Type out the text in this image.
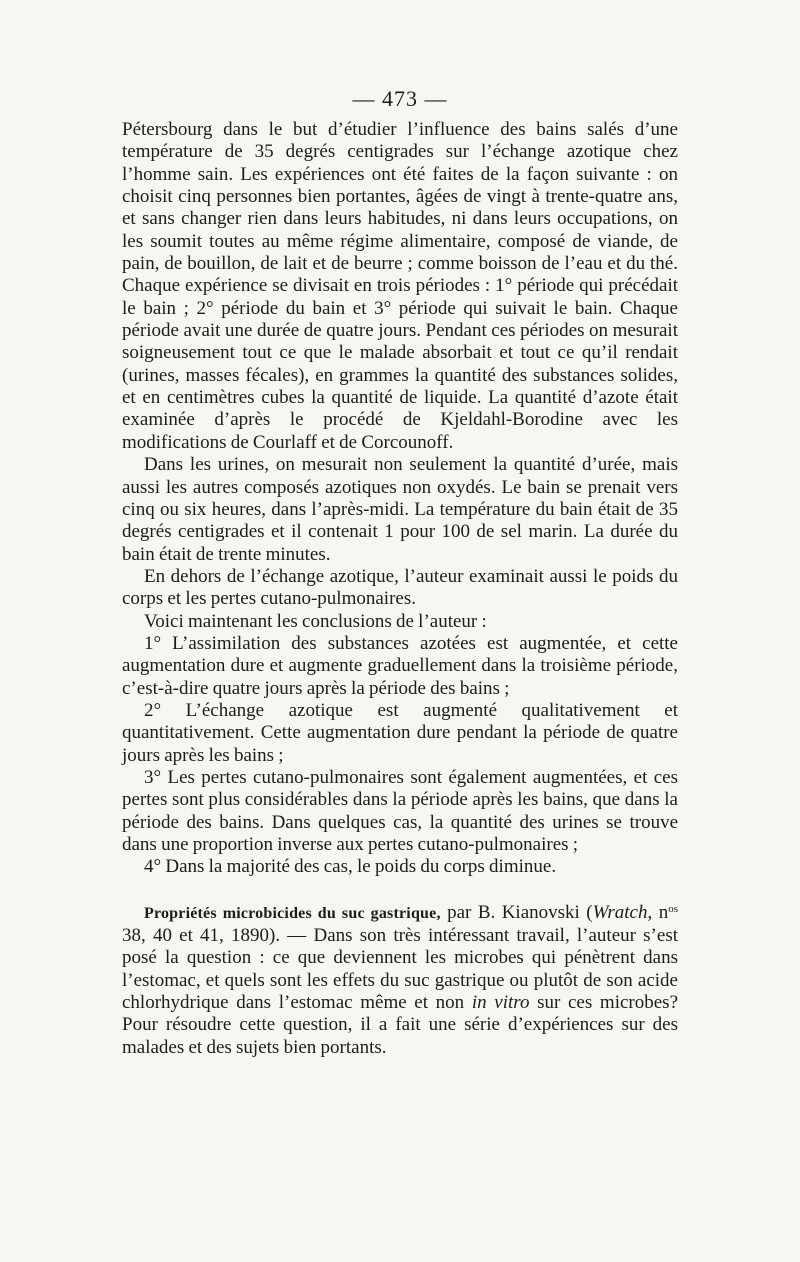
— 473 —

Pétersbourg dans le but d’étudier l’influence des bains salés d’une température de 35 degrés centigrades sur l’échange azotique chez l’homme sain. Les expériences ont été faites de la façon suivante : on choisit cinq personnes bien portantes, âgées de vingt à trente-quatre ans, et sans changer rien dans leurs habitudes, ni dans leurs occupations, on les soumit toutes au même régime alimentaire, composé de viande, de pain, de bouillon, de lait et de beurre ; comme boisson de l’eau et du thé. Chaque expérience se divisait en trois périodes : 1° période qui précédait le bain ; 2° période du bain et 3° période qui suivait le bain. Chaque période avait une durée de quatre jours. Pendant ces périodes on mesurait soigneusement tout ce que le malade absorbait et tout ce qu’il rendait (urines, masses fécales), en grammes la quantité des substances solides, et en centimètres cubes la quantité de liquide. La quantité d’azote était examinée d’après le procédé de Kjeldahl-Borodine avec les modifications de Courlaff et de Corcounoff.

Dans les urines, on mesurait non seulement la quantité d’urée, mais aussi les autres composés azotiques non oxydés. Le bain se prenait vers cinq ou six heures, dans l’après-midi. La température du bain était de 35 degrés centigrades et il contenait 1 pour 100 de sel marin. La durée du bain était de trente minutes.

En dehors de l’échange azotique, l’auteur examinait aussi le poids du corps et les pertes cutano-pulmonaires.

Voici maintenant les conclusions de l’auteur :

1° L’assimilation des substances azotées est augmentée, et cette augmentation dure et augmente graduellement dans la troisième période, c’est-à-dire quatre jours après la période des bains ;

2° L’échange azotique est augmenté qualitativement et quantitativement. Cette augmentation dure pendant la période de quatre jours après les bains ;

3° Les pertes cutano-pulmonaires sont également augmentées, et ces pertes sont plus considérables dans la période après les bains, que dans la période des bains. Dans quelques cas, la quantité des urines se trouve dans une proportion inverse aux pertes cutano-pulmonaires ;

4° Dans la majorité des cas, le poids du corps diminue.

Propriétés microbicides du suc gastrique, par B. Kianovski (Wratch, $n^{os}$ 38, 40 et 41, 1890). — Dans son très intéressant travail, l’auteur s’est posé la question : ce que deviennent les microbes qui pénètrent dans l’estomac, et quels sont les effets du suc gastrique ou plutôt de son acide chlorhydrique dans l’estomac même et non in vitro sur ces microbes? Pour résoudre cette question, il a fait une série d’expériences sur des malades et des sujets bien portants.
